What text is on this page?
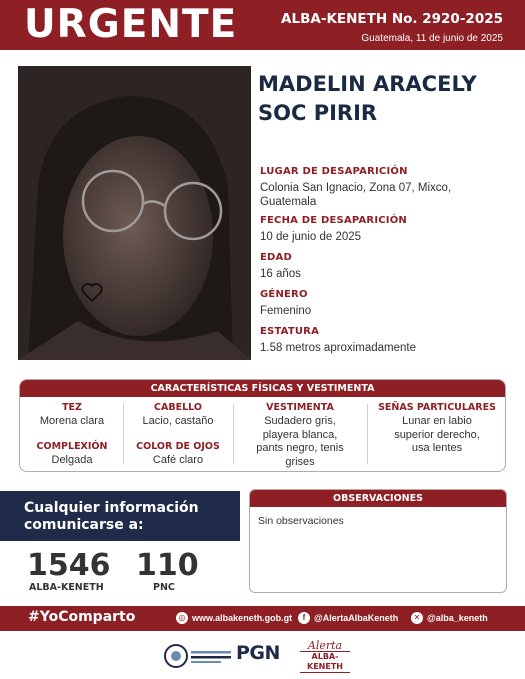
URGENTE	ALBA-KENETH No. 2920-2025
Guatemala, 11 de junio de 2025
MADELIN ARACELY
SOC PIRIR
LUGAR DE DESAPARICIÓN
Colonia San Ignacio, Zona 07, Mixco,
Guatemala
FECHA DE DESAPARICIÓN
10 de junio de 2025
EDAD
16 años
GÉNERO
Femenino
ESTATURA
1.58 metros aproximadamente
CARACTERÍSTICAS FÍSICAS Y VESTIMENTA
TEZ
Morena clara
COMPLEXIÓN
Delgada
CABELLO
Lacio, castaño
COLOR DE OJOS
Café claro
VESTIMENTA
Sudadero gris,
playera blanca,
pants negro, tenis
grises
SEÑAS PARTICULARES
Lunar en labio
superior derecho,
usa lentes
Cualquier información
comunicarse a:
1546
ALBA-KENETH
110
PNC
OBSERVACIONES
Sin observaciones
#YoComparto	◎ www.albakeneth.gob.gt	f @AlertaAlbaKeneth	✕ @alba_keneth
PGN	Alerta
ALBA-KENETH
